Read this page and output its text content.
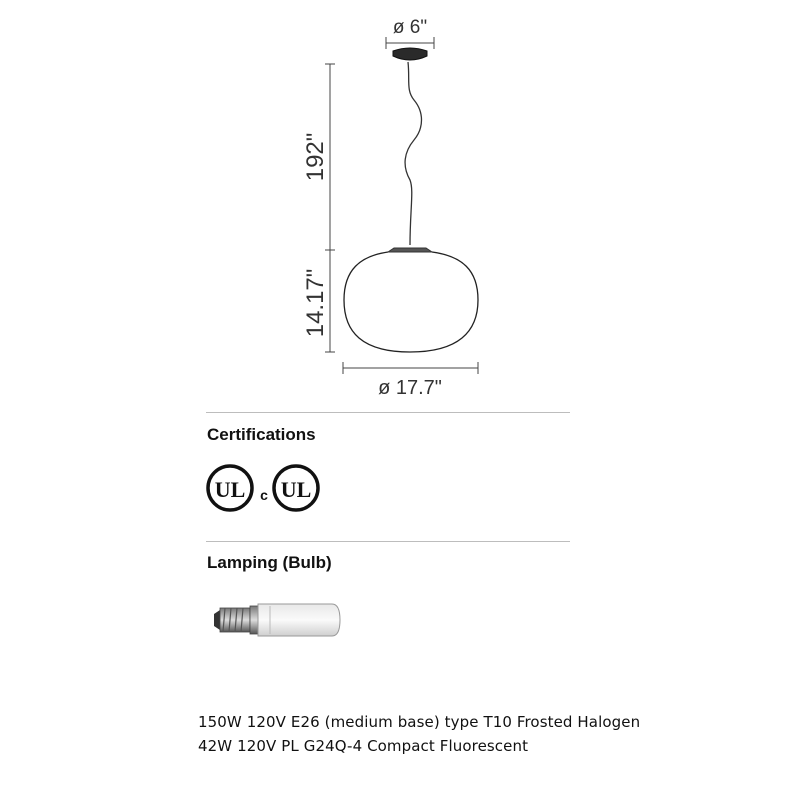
ø 6"
192"
14.17"
ø 17.7"
Certifications
UL c UL
Lamping (Bulb)
150W 120V E26 (medium base) type T10 Frosted Halogen
42W 120V PL G24Q-4 Compact Fluorescent
